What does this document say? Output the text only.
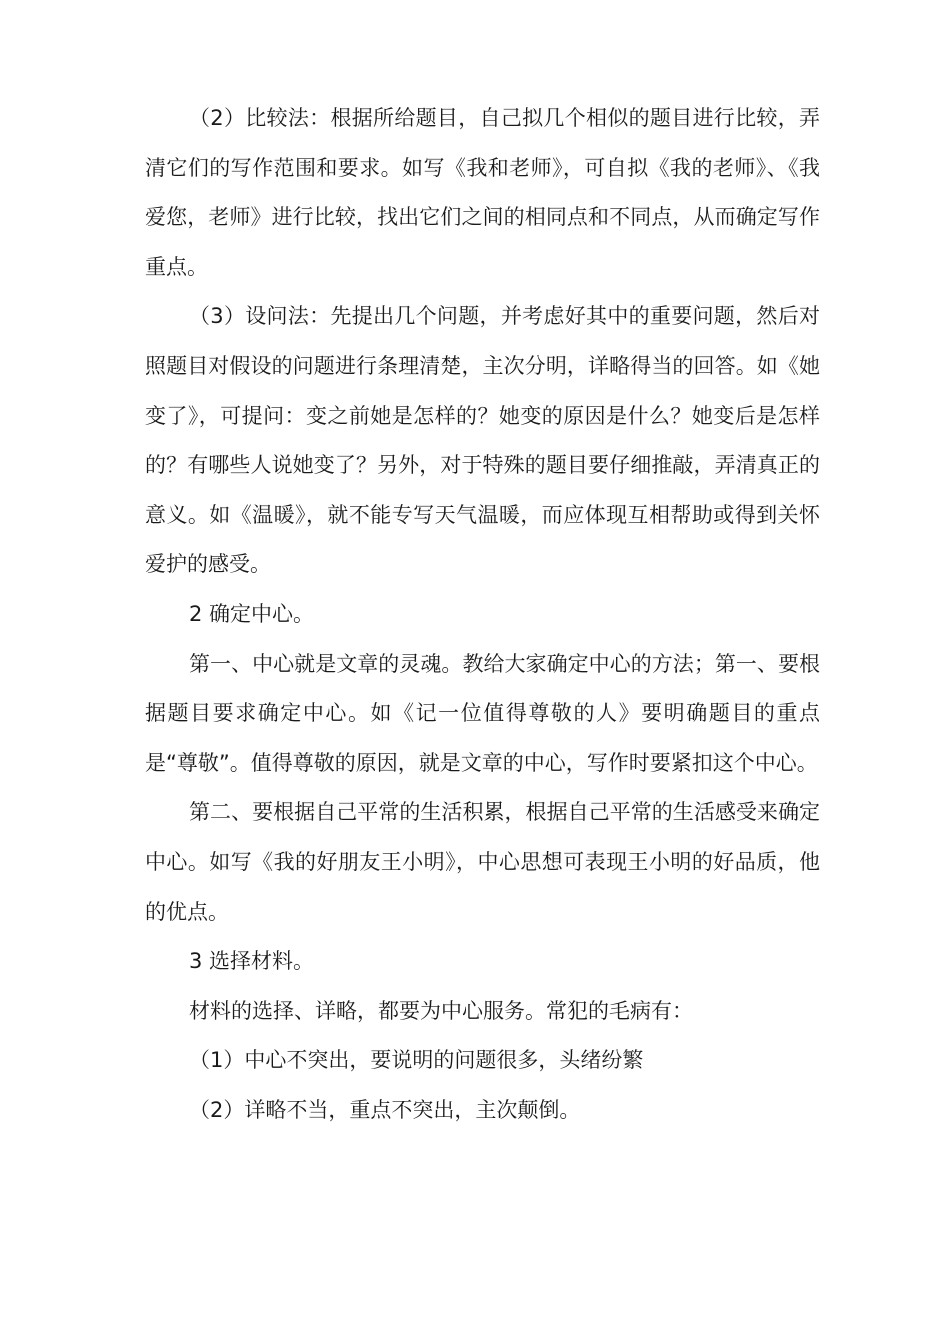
（2）比较法：根据所给题目，自己拟几个相似的题目进行比较，弄清它们的写作范围和要求。如写《我和老师》，可自拟《我的老师》、《我爱您，老师》进行比较，找出它们之间的相同点和不同点，从而确定写作重点。

（3）设问法：先提出几个问题，并考虑好其中的重要问题，然后对照题目对假设的问题进行条理清楚，主次分明，详略得当的回答。如《她变了》，可提问：变之前她是怎样的？她变的原因是什么？她变后是怎样的？有哪些人说她变了？另外，对于特殊的题目要仔细推敲，弄清真正的意义。如《温暖》，就不能专写天气温暖，而应体现互相帮助或得到关怀爱护的感受。

2 确定中心。

第一、中心就是文章的灵魂。教给大家确定中心的方法；第一、要根据题目要求确定中心。如《记一位值得尊敬的人》要明确题目的重点是“尊敬”。值得尊敬的原因，就是文章的中心，写作时要紧扣这个中心。

第二、要根据自己平常的生活积累，根据自己平常的生活感受来确定中心。如写《我的好朋友王小明》，中心思想可表现王小明的好品质，他的优点。

3 选择材料。

材料的选择、详略，都要为中心服务。常犯的毛病有：

（1）中心不突出，要说明的问题很多，头绪纷繁

（2）详略不当，重点不突出，主次颠倒。
